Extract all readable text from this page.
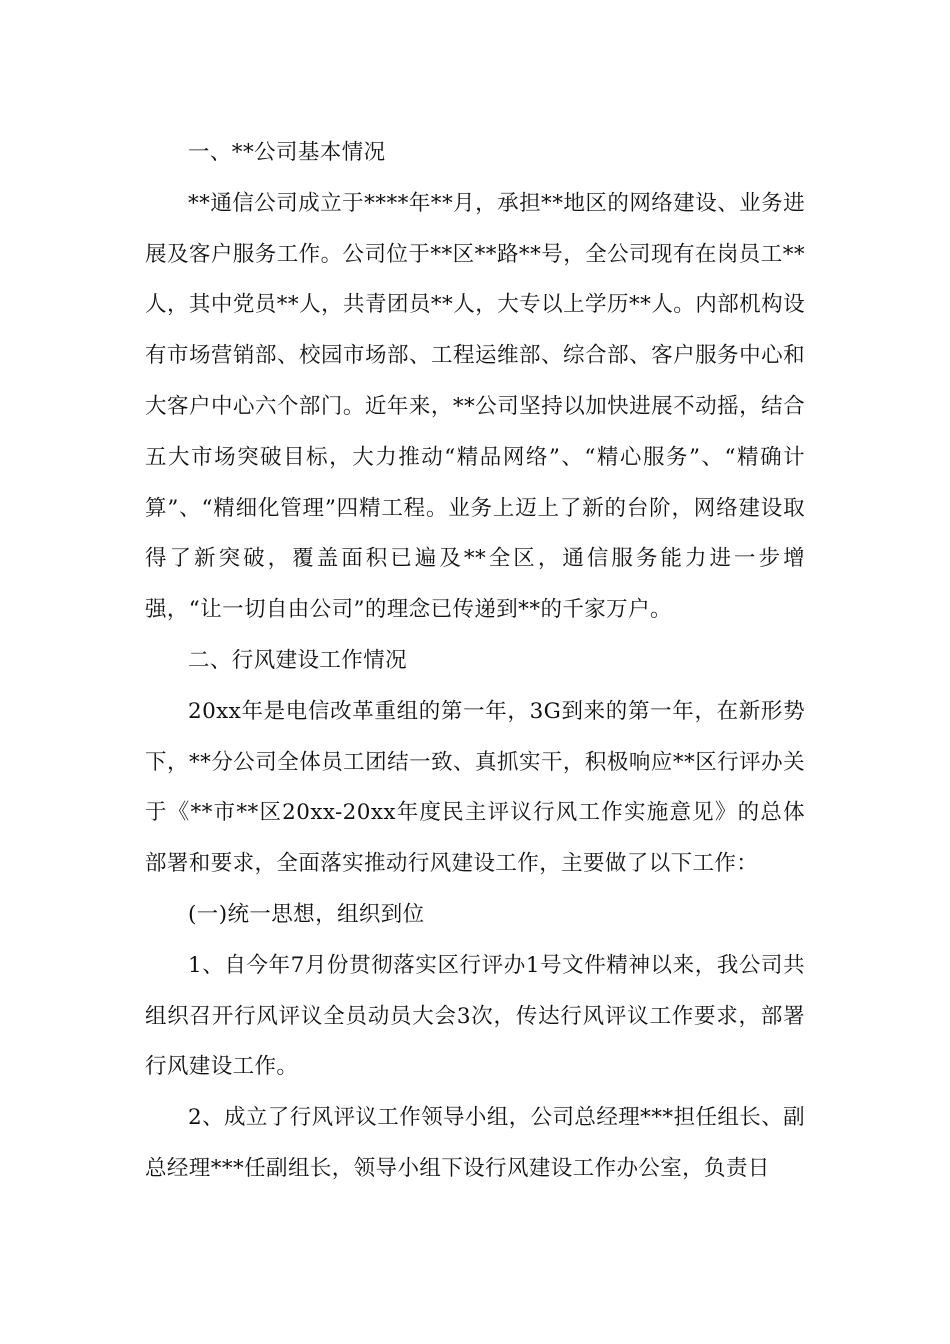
一、**公司基本情况

**通信公司成立于****年**月，承担**地区的网络建设、业务进展及客户服务工作。公司位于**区**路**号，全公司现有在岗员工**人，其中党员**人，共青团员**人，大专以上学历**人。内部机构设有市场营销部、校园市场部、工程运维部、综合部、客户服务中心和大客户中心六个部门。近年来，**公司坚持以加快进展不动摇，结合五大市场突破目标，大力推动“精品网络”、“精心服务”、“精确计算”、“精细化管理”四精工程。业务上迈上了新的台阶，网络建设取得了新突破，覆盖面积已遍及**全区，通信服务能力进一步增强，“让一切自由公司”的理念已传递到**的千家万户。

二、行风建设工作情况

20xx年是电信改革重组的第一年，3G到来的第一年，在新形势下，**分公司全体员工团结一致、真抓实干，积极响应**区行评办关于《**市**区20xx-20xx年度民主评议行风工作实施意见》的总体部署和要求，全面落实推动行风建设工作，主要做了以下工作：

(一)统一思想，组织到位

1、自今年7月份贯彻落实区行评办1号文件精神以来，我公司共组织召开行风评议全员动员大会3次，传达行风评议工作要求，部署行风建设工作。

2、成立了行风评议工作领导小组，公司总经理***担任组长、副总经理***任副组长，领导小组下设行风建设工作办公室，负责日
